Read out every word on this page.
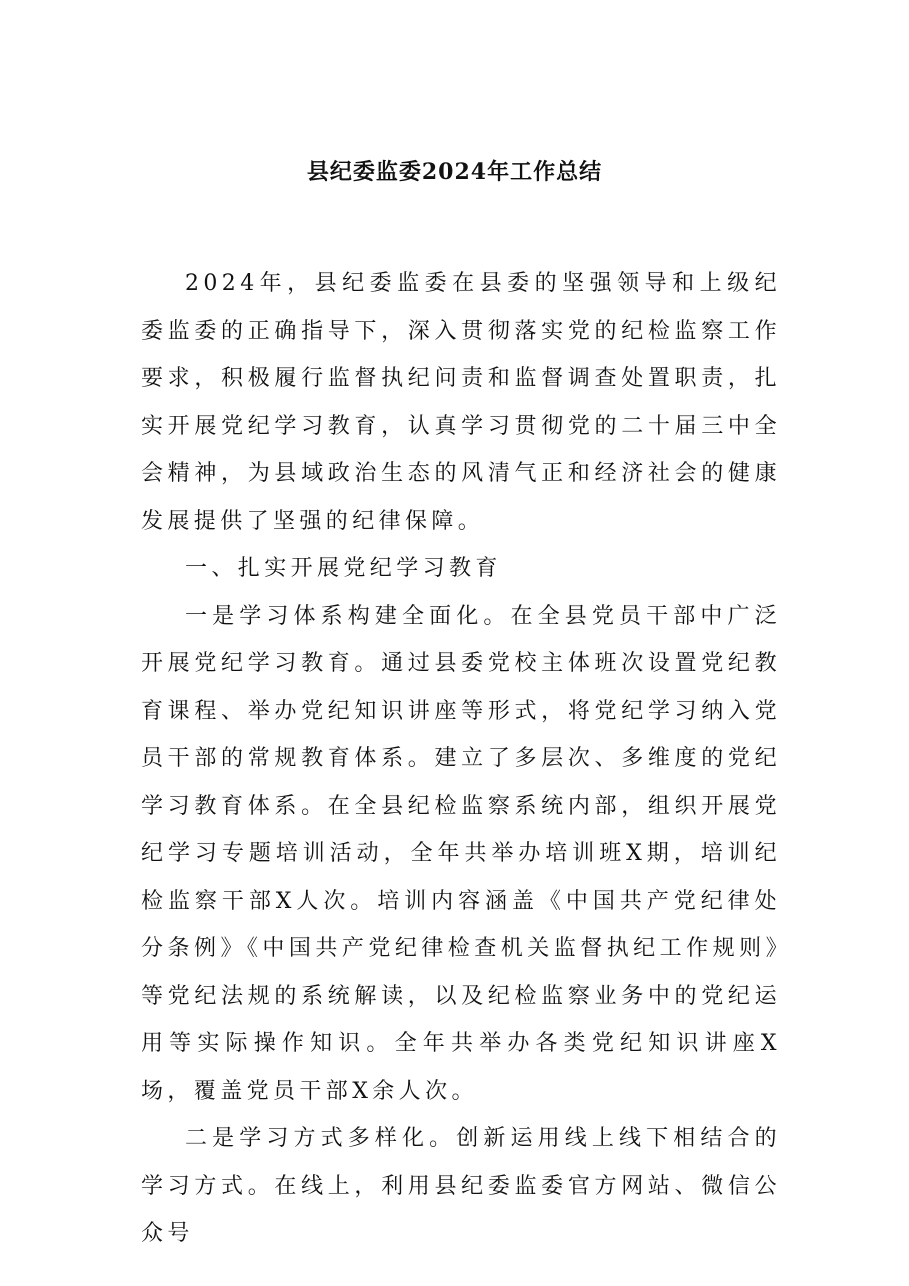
县纪委监委2024年工作总结

2024年，县纪委监委在县委的坚强领导和上级纪委监委的正确指导下，深入贯彻落实党的纪检监察工作要求，积极履行监督执纪问责和监督调查处置职责，扎实开展党纪学习教育，认真学习贯彻党的二十届三中全会精神，为县域政治生态的风清气正和经济社会的健康发展提供了坚强的纪律保障。

一、扎实开展党纪学习教育

一是学习体系构建全面化。在全县党员干部中广泛开展党纪学习教育。通过县委党校主体班次设置党纪教育课程、举办党纪知识讲座等形式，将党纪学习纳入党员干部的常规教育体系。建立了多层次、多维度的党纪学习教育体系。在全县纪检监察系统内部，组织开展党纪学习专题培训活动，全年共举办培训班X期，培训纪检监察干部X人次。培训内容涵盖《中国共产党纪律处分条例》《中国共产党纪律检查机关监督执纪工作规则》等党纪法规的系统解读，以及纪检监察业务中的党纪运用等实际操作知识。全年共举办各类党纪知识讲座X场，覆盖党员干部X余人次。

二是学习方式多样化。创新运用线上线下相结合的学习方式。在线上，利用县纪委监委官方网站、微信公众号
